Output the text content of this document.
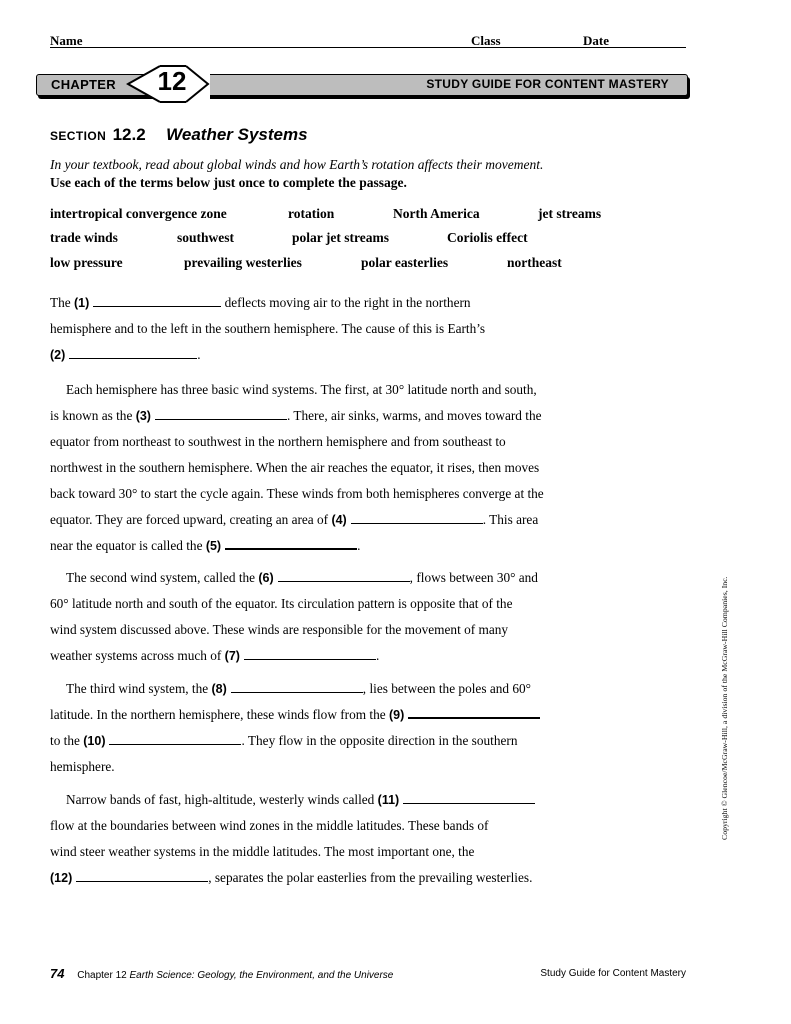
Name	Class	Date
CHAPTER	STUDY GUIDE FOR CONTENT MASTERY
12
SECTION 12.2 Weather Systems
In your textbook, read about global winds and how Earth’s rotation affects their movement.
Use each of the terms below just once to complete the passage.
intertropical convergence zone	rotation	North America	jet streams
trade winds	southwest	polar jet streams	Coriolis effect
low pressure	prevailing westerlies	polar easterlies	northeast
The (1)	deflects moving air to the right in the northern
hemisphere and to the left in the southern hemisphere. The cause of this is Earth’s
(2)	.
Each hemisphere has three basic wind systems. The first, at 30° latitude north and south,
is known as the (3)	. There, air sinks, warms, and moves toward the
equator from northeast to southwest in the northern hemisphere and from southeast to
northwest in the southern hemisphere. When the air reaches the equator, it rises, then moves
back toward 30° to start the cycle again. These winds from both hemispheres converge at the
equator. They are forced upward, creating an area of (4)	. This area
near the equator is called the (5)	.
The second wind system, called the (6)	, flows between 30° and
60° latitude north and south of the equator. Its circulation pattern is opposite that of the
wind system discussed above. These winds are responsible for the movement of many
weather systems across much of (7)	.
The third wind system, the (8)	, lies between the poles and 60°
latitude. In the northern hemisphere, these winds flow from the (9)
to the (10)	. They flow in the opposite direction in the southern
hemisphere.
Narrow bands of fast, high-altitude, westerly winds called (11)
flow at the boundaries between wind zones in the middle latitudes. These bands of
wind steer weather systems in the middle latitudes. The most important one, the
(12)	, separates the polar easterlies from the prevailing westerlies.
Copyright © Glencoe/McGraw-Hill, a division of the McGraw-Hill Companies, Inc.
74 Chapter 12 Earth Science: Geology, the Environment, and the Universe	Study Guide for Content Mastery
